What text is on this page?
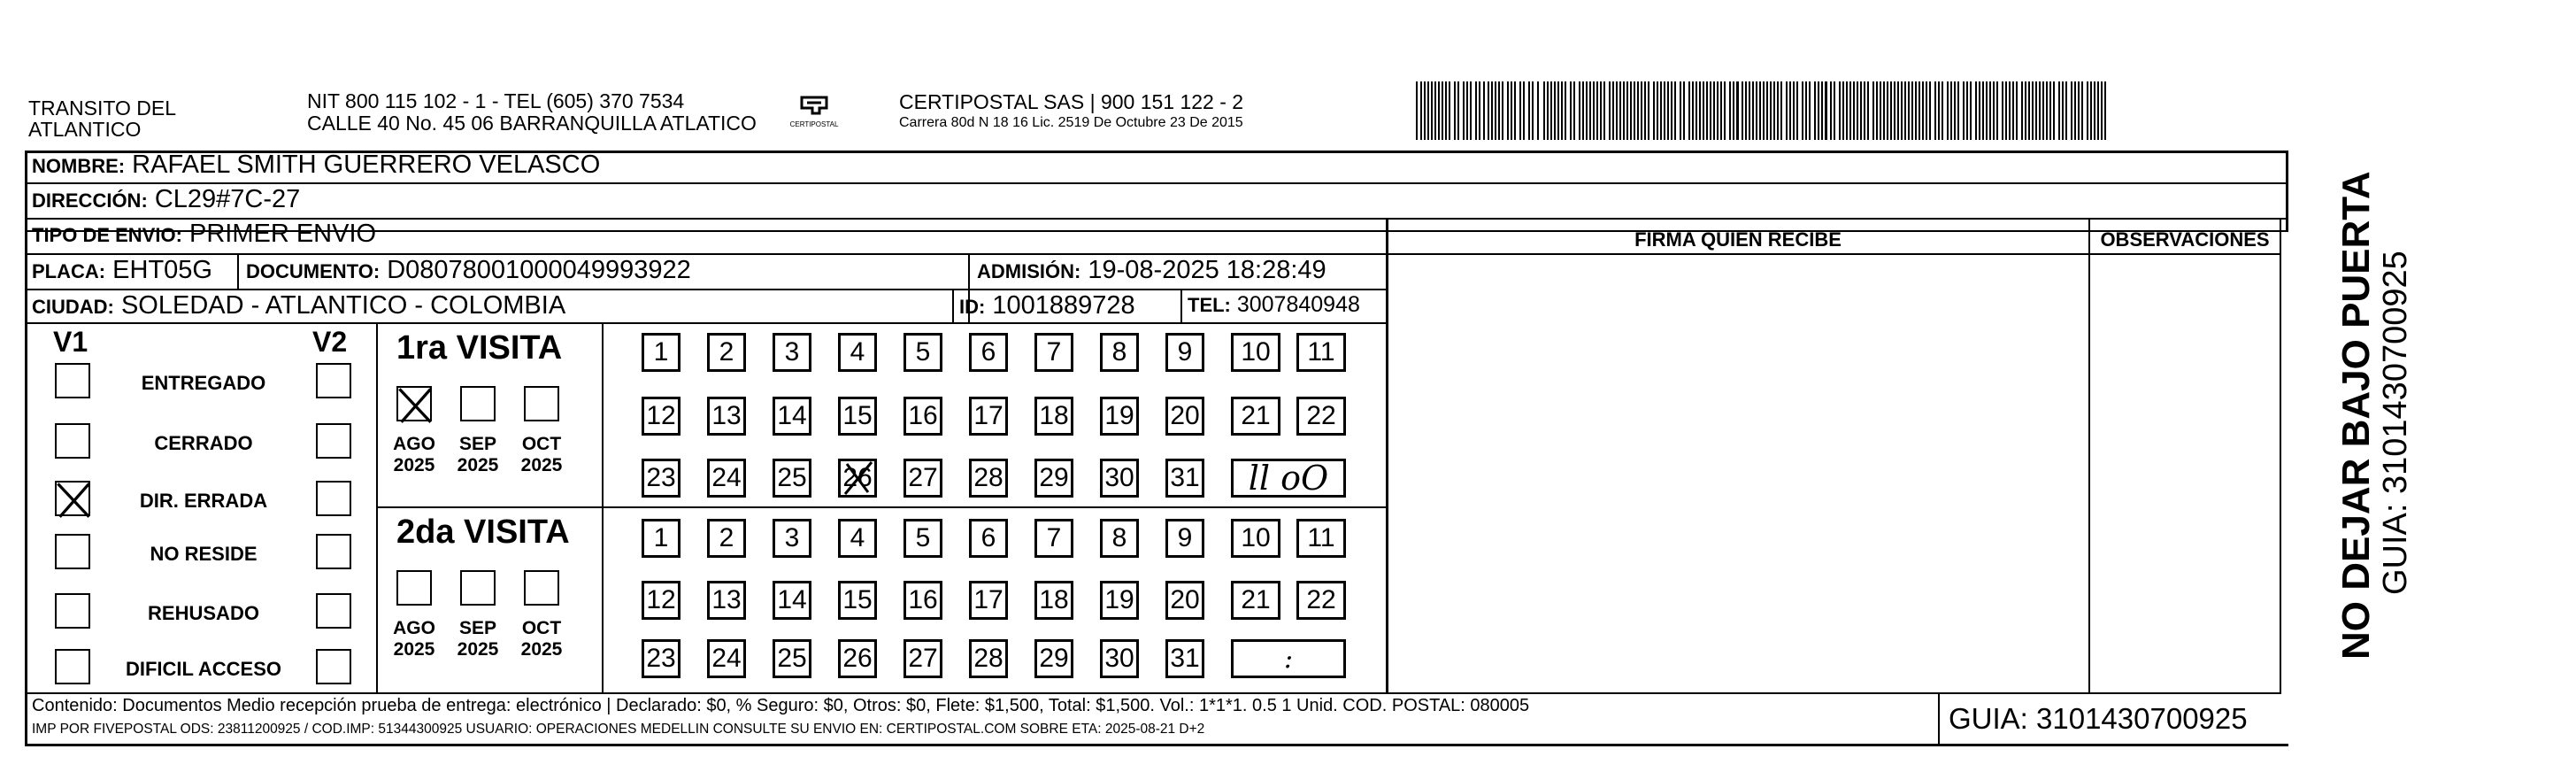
TRANSITO DEL
ATLANTICO
NIT 800 115 102 - 1 - TEL (605) 370 7534
CALLE 40 No. 45 06 BARRANQUILLA ATLATICO	CERTIPOSTAL
CERTIPOSTAL SAS | 900 151 122 - 2
Carrera 80d N 18 16 Lic. 2519 De Octubre 23 De 2015
NOMBRE: RAFAEL SMITH GUERRERO VELASCO
DIRECCIÓN: CL29#7C-27
TIPO DE ENVIO: PRIMER ENVIO
PLACA: EHT05G DOCUMENTO: D08078001000049993922	ADMISIÓN: 19-08-2025 18:28:49
CIUDAD: SOLEDAD - ATLANTICO - COLOMBIA	ID: 1001889728	TEL: 3007840948
FIRMA QUIEN RECIBE	OBSERVACIONES
V1	V2
ENTREGADO
CERRADO
DIR. ERRADA
NO RESIDE
REHUSADO
DIFICIL ACCESO
1ra VISITA
2da VISITA
AGO
2025
SEP
2025
OCT
2025
AGO
2025
SEP
2025
OCT
2025
1	2	3	4	5	6	7	8	9	10	11
12 13 14 15 16 17 18 19 20	21	22
23 24 25 26 27 28 29 30 31	ll oO
1	2	3	4	5	6	7	8	9	10	11
12 13 14 15 16 17 18 19 20	21	22
23 24 25 26 27 28 29 30 31	:
Contenido: Documentos Medio recepción prueba de entrega: electrónico | Declarado: $0, % Seguro: $0, Otros: $0, Flete: $1,500, Total: $1,500. Vol.: 1*1*1. 0.5 1 Unid. COD. POSTAL: 080005
IMP POR FIVEPOSTAL ODS: 23811200925 / COD.IMP: 51344300925 USUARIO: OPERACIONES MEDELLIN CONSULTE SU ENVIO EN: CERTIPOSTAL.COM SOBRE ETA: 2025-08-21 D+2	GUIA: 3101430700925
NO DEJAR BAJO PUERTA GUIA: 3101430700925
